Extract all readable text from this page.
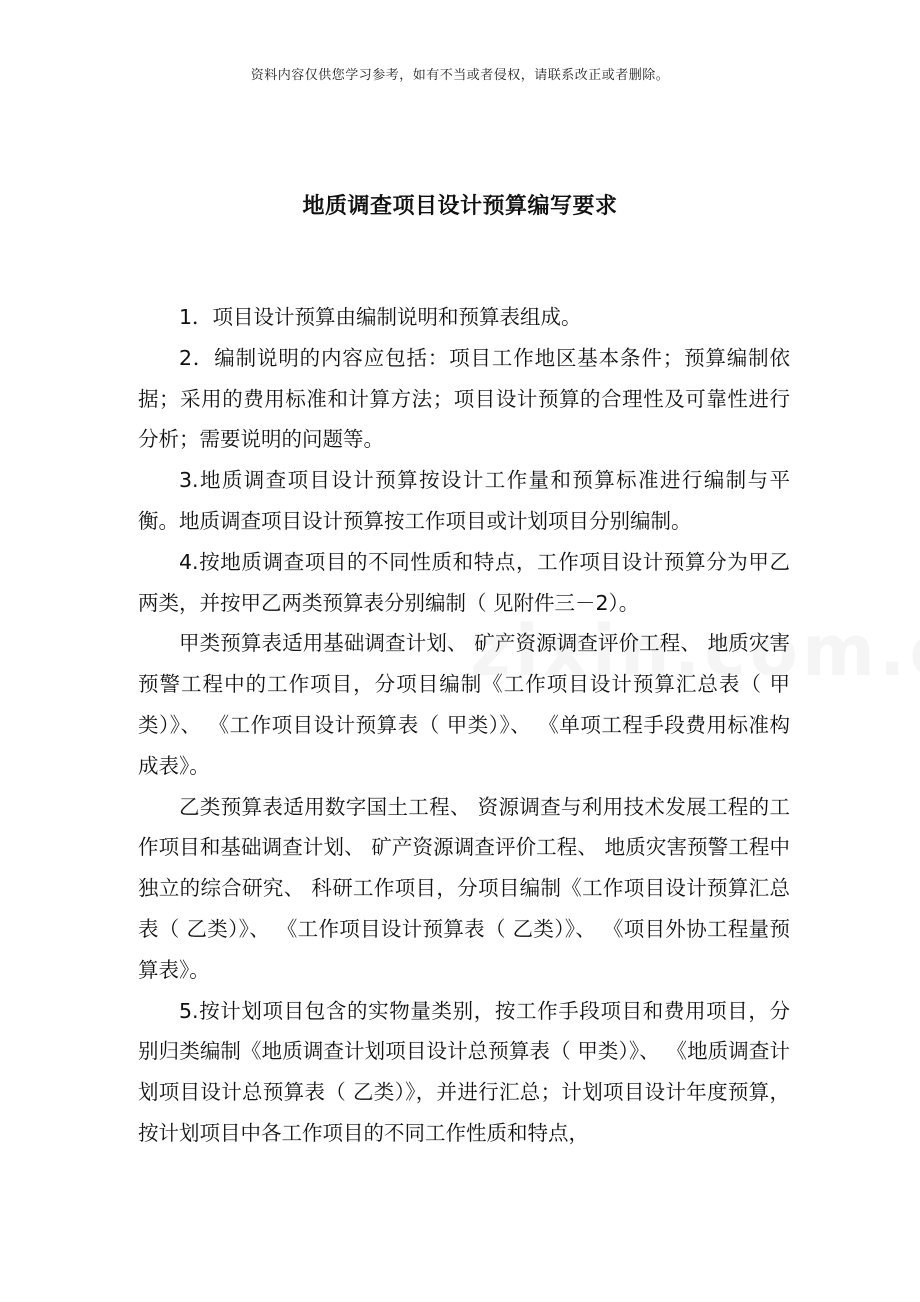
资料内容仅供您学习参考，如有不当或者侵权，请联系改正或者删除。
地质调查项目设计预算编写要求

1．项目设计预算由编制说明和预算表组成。

2．编制说明的内容应包括：项目工作地区基本条件；预算编制依据；采用的费用标准和计算方法；项目设计预算的合理性及可靠性进行分析；需要说明的问题等。

3.地质调查项目设计预算按设计工作量和预算标准进行编制与平衡。地质调查项目设计预算按工作项目或计划项目分别编制。

4.按地质调查项目的不同性质和特点，工作项目设计预算分为甲乙两类，并按甲乙两类预算表分别编制（ 见附件三－2）。

甲类预算表适用基础调查计划、 矿产资源调查评价工程、 地质灾害预警工程中的工作项目，分项目编制《工作项目设计预算汇总表（ 甲类）》、 《工作项目设计预算表（ 甲类）》、 《单项工程手段费用标准构成表》。

乙类预算表适用数字国土工程、 资源调查与利用技术发展工程的工作项目和基础调查计划、 矿产资源调查评价工程、 地质灾害预警工程中独立的综合研究、 科研工作项目，分项目编制《工作项目设计预算汇总表（ 乙类）》、 《工作项目设计预算表（ 乙类）》、 《项目外协工程量预算表》。

5.按计划项目包含的实物量类别，按工作手段项目和费用项目，分别归类编制《地质调查计划项目设计总预算表（ 甲类）》、 《地质调查计划项目设计总预算表（ 乙类）》，并进行汇总；计划项目设计年度预算，按计划项目中各工作项目的不同工作性质和特点，
